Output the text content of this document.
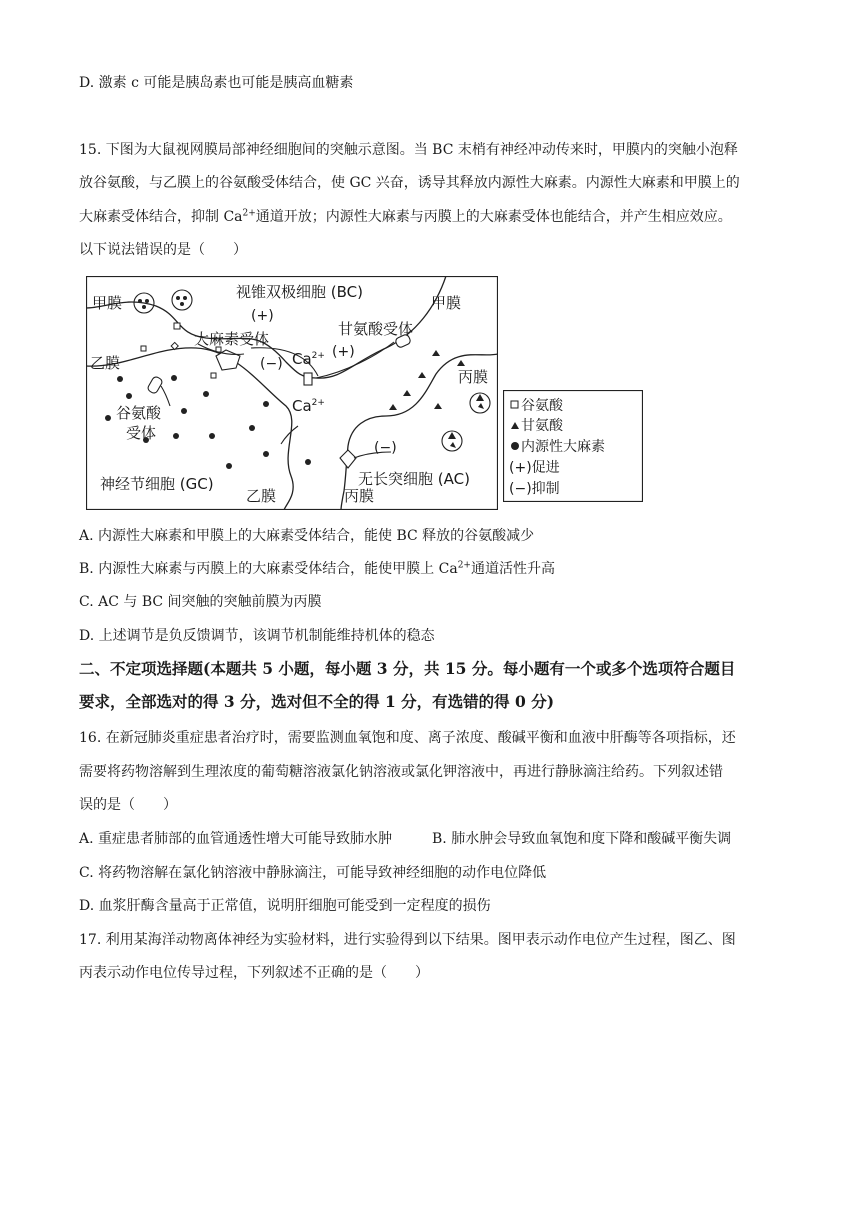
D. 激素 c 可能是胰岛素也可能是胰高血糖素
15. 下图为大鼠视网膜局部神经细胞间的突触示意图。当 BC 末梢有神经冲动传来时，甲膜内的突触小泡释
放谷氨酸，与乙膜上的谷氨酸受体结合，使 GC 兴奋，诱导其释放内源性大麻素。内源性大麻素和甲膜上的
大麻素受体结合，抑制 $Ca^{2+}$通道开放；内源性大麻素与丙膜上的大麻素受体也能结合，并产生相应效应。
以下说法错误的是（　　）
甲膜
视锥双极细胞 (BC)
甲膜
(+)
大麻素受体
甘氨酸受体
(−)
(+)
$Ca^{2+}$
$Ca^{2+}$
乙膜
谷氨酸
受体
丙膜
(−)
神经节细胞 (GC)
乙膜	丙膜
无长突细胞 (AC)
谷氨酸
甘氨酸
内源性大麻素
(+)促进
(−)抑制
A. 内源性大麻素和甲膜上的大麻素受体结合，能使 BC 释放的谷氨酸减少
B. 内源性大麻素与丙膜上的大麻素受体结合，能使甲膜上 $Ca^{2+}$通道活性升高
C. AC 与 BC 间突触的突触前膜为丙膜
D. 上述调节是负反馈调节，该调节机制能维持机体的稳态
二、不定项选择题(本题共 5 小题，每小题 3 分，共 15 分。每小题有一个或多个选项符合题目
要求，全部选对的得 3 分，选对但不全的得 1 分，有选错的得 0 分)
16. 在新冠肺炎重症患者治疗时，需要监测血氧饱和度、离子浓度、酸碱平衡和血液中肝酶等各项指标，还
需要将药物溶解到生理浓度的葡萄糖溶液氯化钠溶液或氯化钾溶液中，再进行静脉滴注给药。下列叙述错
误的是（　　）
A. 重症患者肺部的血管通透性增大可能导致肺水肿	B. 肺水肿会导致血氧饱和度下降和酸碱平衡失调
C. 将药物溶解在氯化钠溶液中静脉滴注，可能导致神经细胞的动作电位降低
D. 血浆肝酶含量高于正常值，说明肝细胞可能受到一定程度的损伤
17. 利用某海洋动物离体神经为实验材料，进行实验得到以下结果。图甲表示动作电位产生过程，图乙、图
丙表示动作电位传导过程，下列叙述不正确的是（　　）
